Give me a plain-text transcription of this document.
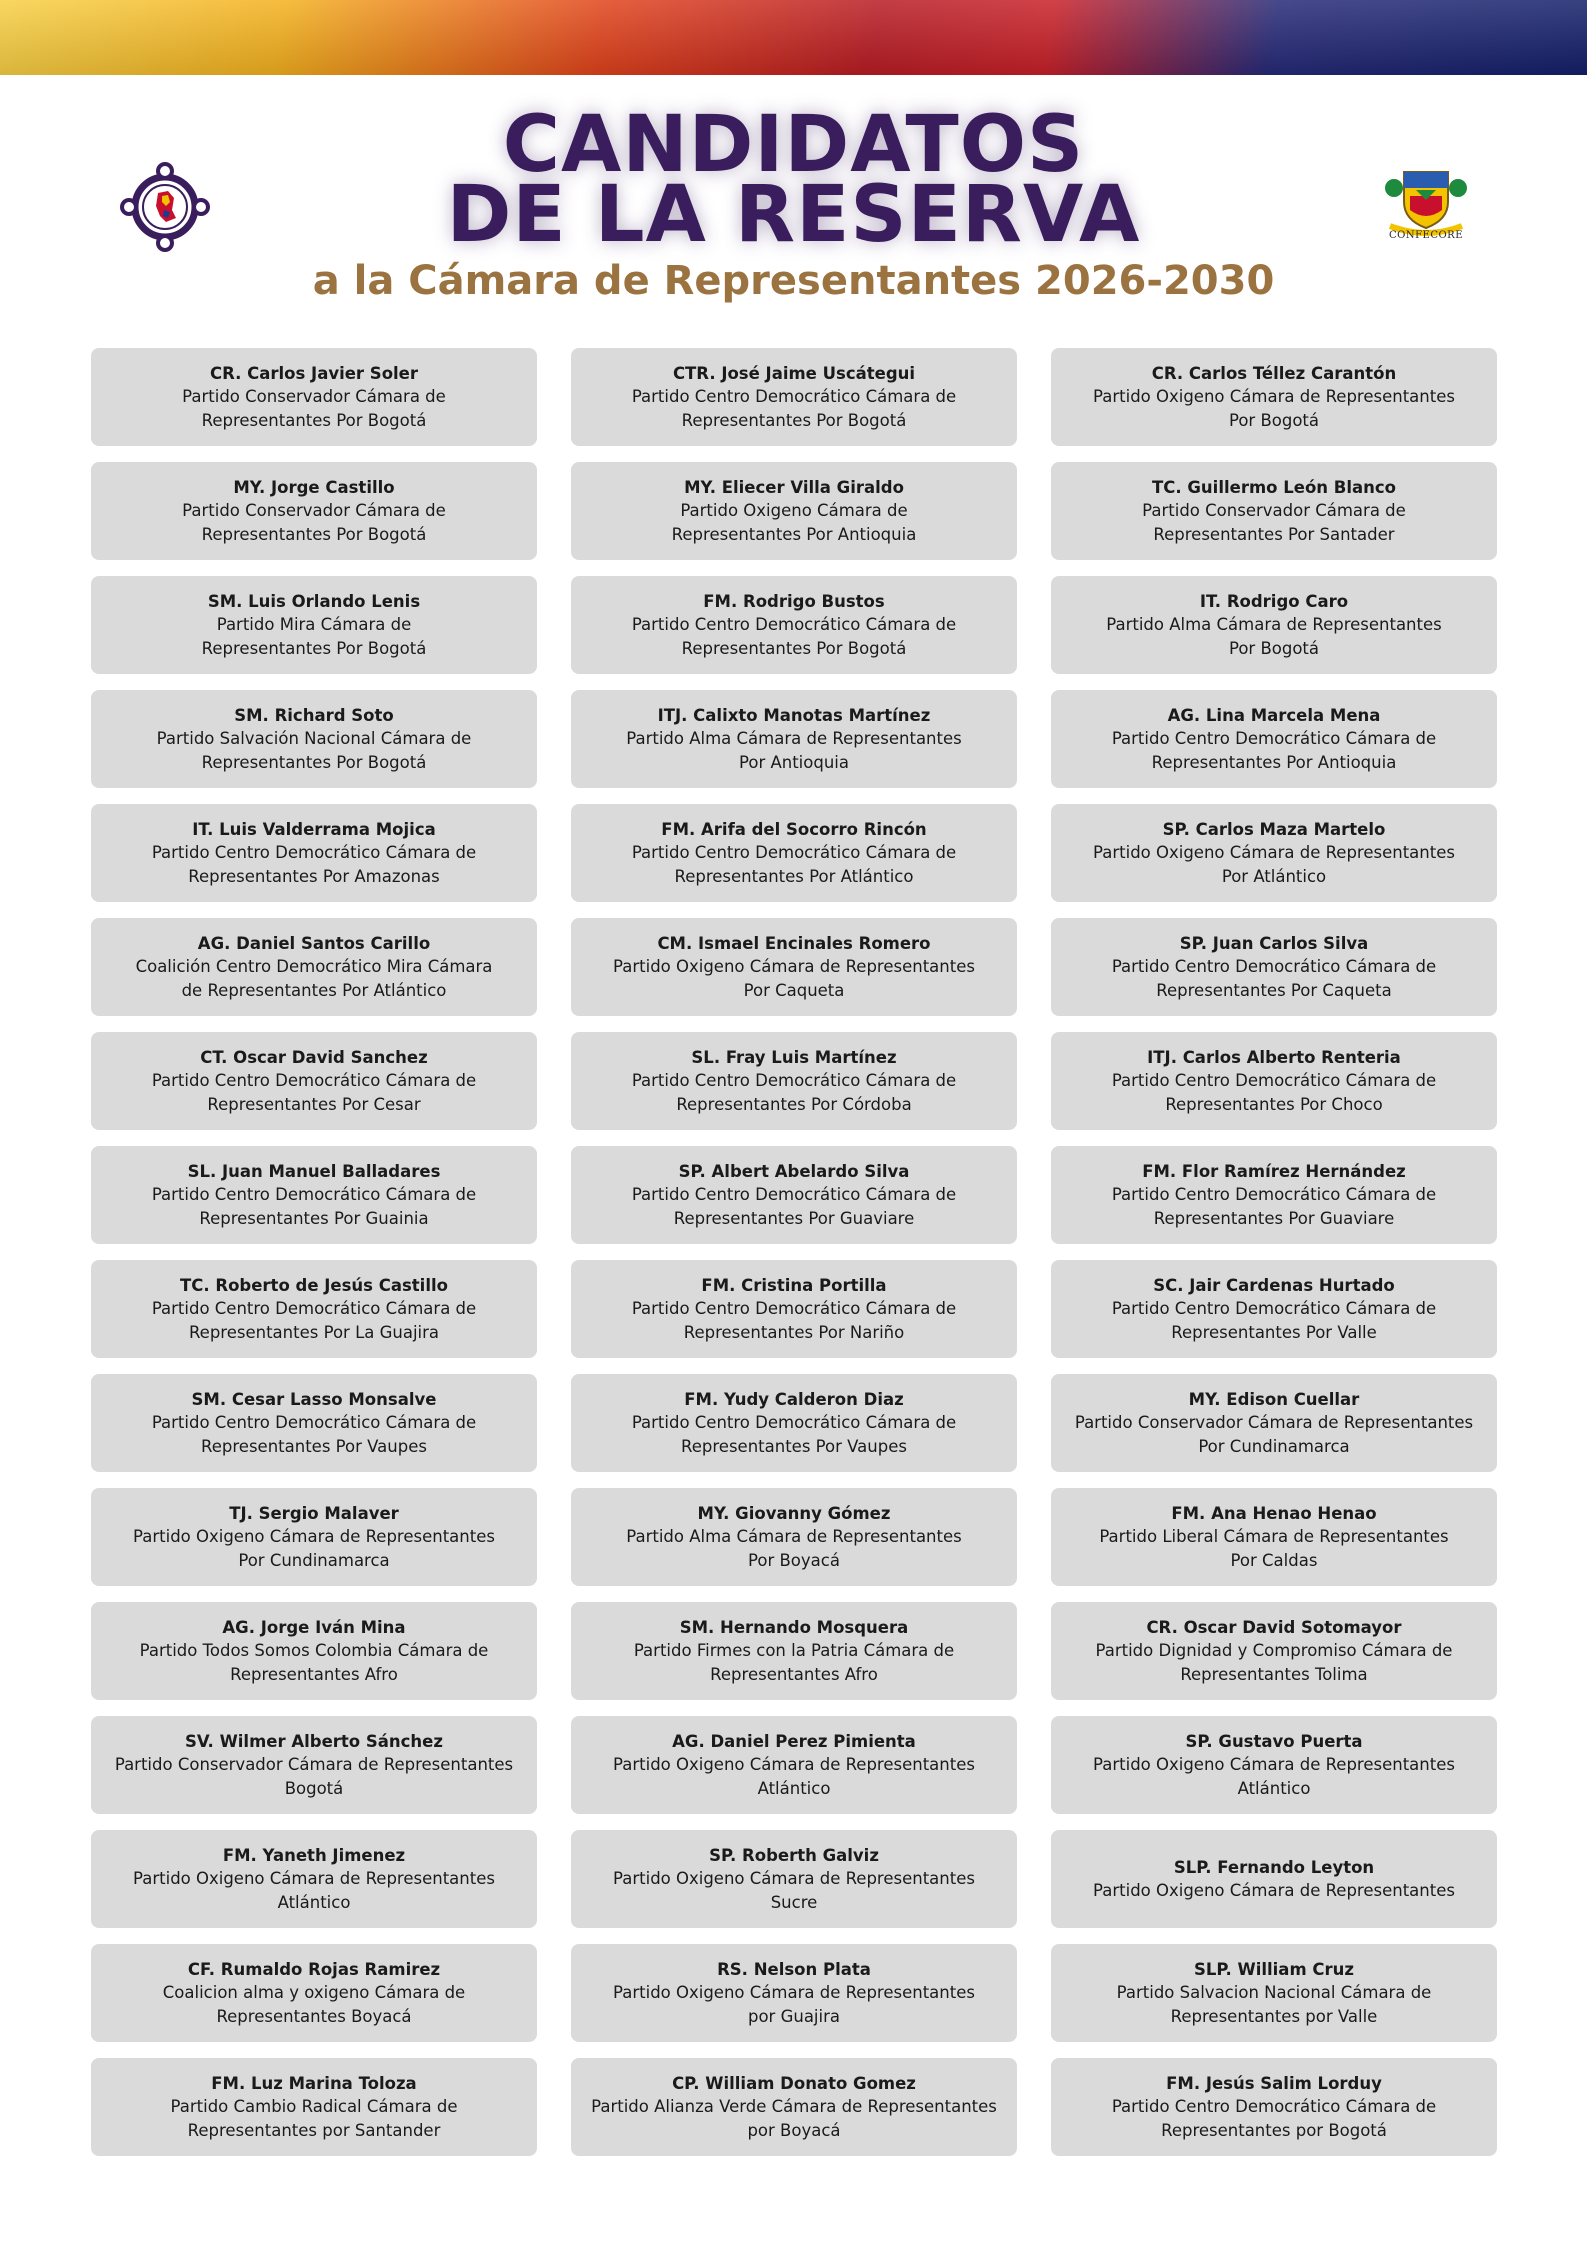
CONFECORE
CANDIDATOS
DE LA RESERVA
a la Cámara de Representantes 2026-2030
CR. Carlos Javier Soler
Partido Conservador Cámara de
Representantes Por Bogotá
CTR. José Jaime Uscátegui
Partido Centro Democrático Cámara de
Representantes Por Bogotá
CR. Carlos Téllez Carantón
Partido Oxigeno Cámara de Representantes
Por Bogotá
MY. Jorge Castillo
Partido Conservador Cámara de
Representantes Por Bogotá
MY. Eliecer Villa Giraldo
Partido Oxigeno Cámara de
Representantes Por Antioquia
TC. Guillermo León Blanco
Partido Conservador Cámara de
Representantes Por Santader
SM. Luis Orlando Lenis
Partido Mira Cámara de
Representantes Por Bogotá
FM. Rodrigo Bustos
Partido Centro Democrático Cámara de
Representantes Por Bogotá
IT. Rodrigo Caro
Partido Alma Cámara de Representantes
Por Bogotá
SM. Richard Soto
Partido Salvación Nacional Cámara de
Representantes Por Bogotá
ITJ. Calixto Manotas Martínez
Partido Alma Cámara de Representantes
Por Antioquia
AG. Lina Marcela Mena
Partido Centro Democrático Cámara de
Representantes Por Antioquia
IT. Luis Valderrama Mojica
Partido Centro Democrático Cámara de
Representantes Por Amazonas
FM. Arifa del Socorro Rincón
Partido Centro Democrático Cámara de
Representantes Por Atlántico
SP. Carlos Maza Martelo
Partido Oxigeno Cámara de Representantes
Por Atlántico
AG. Daniel Santos Carillo
Coalición Centro Democrático Mira Cámara
de Representantes Por Atlántico
CM. Ismael Encinales Romero
Partido Oxigeno Cámara de Representantes
Por Caqueta
SP. Juan Carlos Silva
Partido Centro Democrático Cámara de
Representantes Por Caqueta
CT. Oscar David Sanchez
Partido Centro Democrático Cámara de
Representantes Por Cesar
SL. Fray Luis Martínez
Partido Centro Democrático Cámara de
Representantes Por Córdoba
ITJ. Carlos Alberto Renteria
Partido Centro Democrático Cámara de
Representantes Por Choco
SL. Juan Manuel Balladares
Partido Centro Democrático Cámara de
Representantes Por Guainia
SP. Albert Abelardo Silva
Partido Centro Democrático Cámara de
Representantes Por Guaviare
FM. Flor Ramírez Hernández
Partido Centro Democrático Cámara de
Representantes Por Guaviare
TC. Roberto de Jesús Castillo
Partido Centro Democrático Cámara de
Representantes Por La Guajira
FM. Cristina Portilla
Partido Centro Democrático Cámara de
Representantes Por Nariño
SC. Jair Cardenas Hurtado
Partido Centro Democrático Cámara de
Representantes Por Valle
SM. Cesar Lasso Monsalve
Partido Centro Democrático Cámara de
Representantes Por Vaupes
FM. Yudy Calderon Diaz
Partido Centro Democrático Cámara de
Representantes Por Vaupes
MY. Edison Cuellar
Partido Conservador Cámara de Representantes
Por Cundinamarca
TJ. Sergio Malaver
Partido Oxigeno Cámara de Representantes
Por Cundinamarca
MY. Giovanny Gómez
Partido Alma Cámara de Representantes
Por Boyacá
FM. Ana Henao Henao
Partido Liberal Cámara de Representantes
Por Caldas
AG. Jorge Iván Mina
Partido Todos Somos Colombia Cámara de
Representantes Afro
SM. Hernando Mosquera
Partido Firmes con la Patria Cámara de
Representantes Afro
CR. Oscar David Sotomayor
Partido Dignidad y Compromiso Cámara de
Representantes Tolima
SV. Wilmer Alberto Sánchez
Partido Conservador Cámara de Representantes
Bogotá
AG. Daniel Perez Pimienta
Partido Oxigeno Cámara de Representantes
Atlántico
SP. Gustavo Puerta
Partido Oxigeno Cámara de Representantes
Atlántico
FM. Yaneth Jimenez
Partido Oxigeno Cámara de Representantes
Atlántico
SP. Roberth Galviz
Partido Oxigeno Cámara de Representantes
Sucre
SLP. Fernando Leyton
Partido Oxigeno Cámara de Representantes
CF. Rumaldo Rojas Ramirez
Coalicion alma y oxigeno Cámara de
Representantes Boyacá
RS. Nelson Plata
Partido Oxigeno Cámara de Representantes
por Guajira
SLP. William Cruz
Partido Salvacion Nacional Cámara de
Representantes por Valle
FM. Luz Marina Toloza
Partido Cambio Radical Cámara de
Representantes por Santander
CP. William Donato Gomez
Partido Alianza Verde Cámara de Representantes
por Boyacá
FM. Jesús Salim Lorduy
Partido Centro Democrático Cámara de
Representantes por Bogotá
